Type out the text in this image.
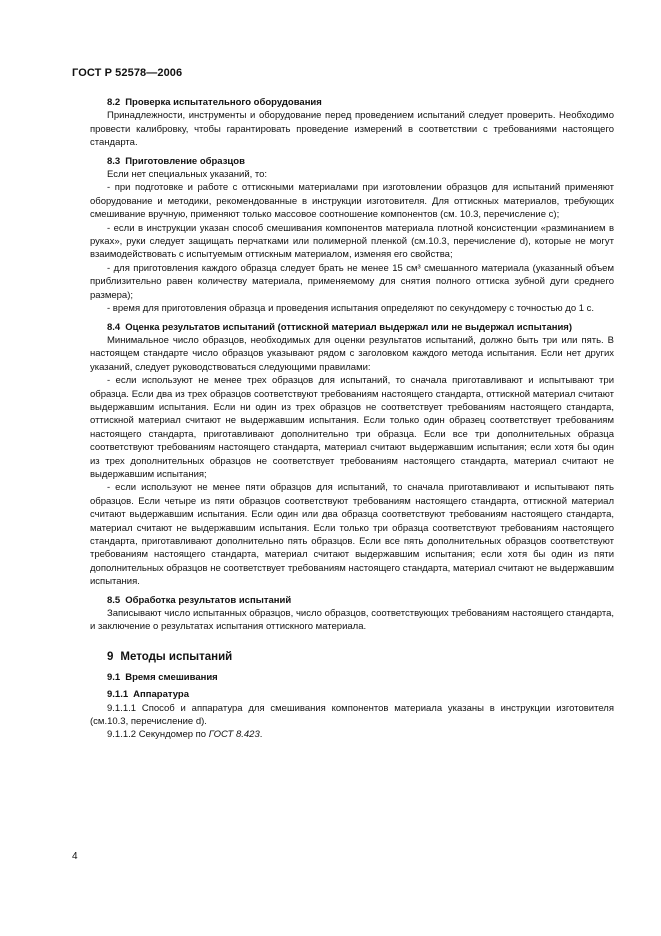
ГОСТ Р 52578—2006
8.2 Проверка испытательного оборудования

Принадлежности, инструменты и оборудование перед проведением испытаний следует проверить. Необходимо провести калибровку, чтобы гарантировать проведение измерений в соответствии с требованиями настоящего стандарта.

8.3 Приготовление образцов

Если нет специальных указаний, то:

- при подготовке и работе с оттискными материалами при изготовлении образцов для испытаний применяют оборудование и методики, рекомендованные в инструкции изготовителя. Для оттискных материалов, требующих смешивание вручную, применяют только массовое соотношение компонентов (см. 10.3, перечисление с);

- если в инструкции указан способ смешивания компонентов материала плотной консистенции «разминанием в руках», руки следует защищать перчатками или полимерной пленкой (см.10.3, перечисление d), которые не могут взаимодействовать с испытуемым оттискным материалом, изменяя его свойства;

- для приготовления каждого образца следует брать не менее 15 см³ смешанного материала (указанный объем приблизительно равен количеству материала, применяемому для снятия полного оттиска зубной дуги среднего размера);

- время для приготовления образца и проведения испытания определяют по секундомеру с точностью до 1 с.

8.4 Оценка результатов испытаний (оттискной материал выдержал или не выдержал испытания)

Минимальное число образцов, необходимых для оценки результатов испытаний, должно быть три или пять. В настоящем стандарте число образцов указывают рядом с заголовком каждого метода испытания. Если нет других указаний, следует руководствоваться следующими правилами:

- если используют не менее трех образцов для испытаний, то сначала приготавливают и испытывают три образца. Если два из трех образцов соответствуют требованиям настоящего стандарта, оттискной материал считают выдержавшим испытания. Если ни один из трех образцов не соответствует требованиям настоящего стандарта, оттискной материал считают не выдержавшим испытания. Если только один образец соответствует требованиям настоящего стандарта, приготавливают дополнительно три образца. Если все три дополнительных образца соответствуют требованиям настоящего стандарта, материал считают выдержавшим испытания; если хотя бы один из трех дополнительных образцов не соответствует требованиям настоящего стандарта, материал считают не выдержавшим испытания;

- если используют не менее пяти образцов для испытаний, то сначала приготавливают и испытывают пять образцов. Если четыре из пяти образцов соответствуют требованиям настоящего стандарта, оттискной материал считают выдержавшим испытания. Если один или два образца соответствуют требованиям настоящего стандарта, материал считают не выдержавшим испытания. Если только три образца соответствуют требованиям настоящего стандарта, приготавливают дополнительно пять образцов. Если все пять дополнительных образцов соответствуют требованиям настоящего стандарта, материал считают выдержавшим испытания; если хотя бы один из пяти дополнительных образцов не соответствует требованиям настоящего стандарта, материал считают не выдержавшим испытания.

8.5 Обработка результатов испытаний

Записывают число испытанных образцов, число образцов, соответствующих требованиям настоящего стандарта, и заключение о результатах испытания оттискного материала.

9 Методы испытаний
9.1 Время смешивания
9.1.1 Аппаратура

9.1.1.1 Способ и аппаратура для смешивания компонентов материала указаны в инструкции изготовителя (см.10.3, перечисление d).

9.1.1.2 Секундомер по ГОСТ 8.423.

4
